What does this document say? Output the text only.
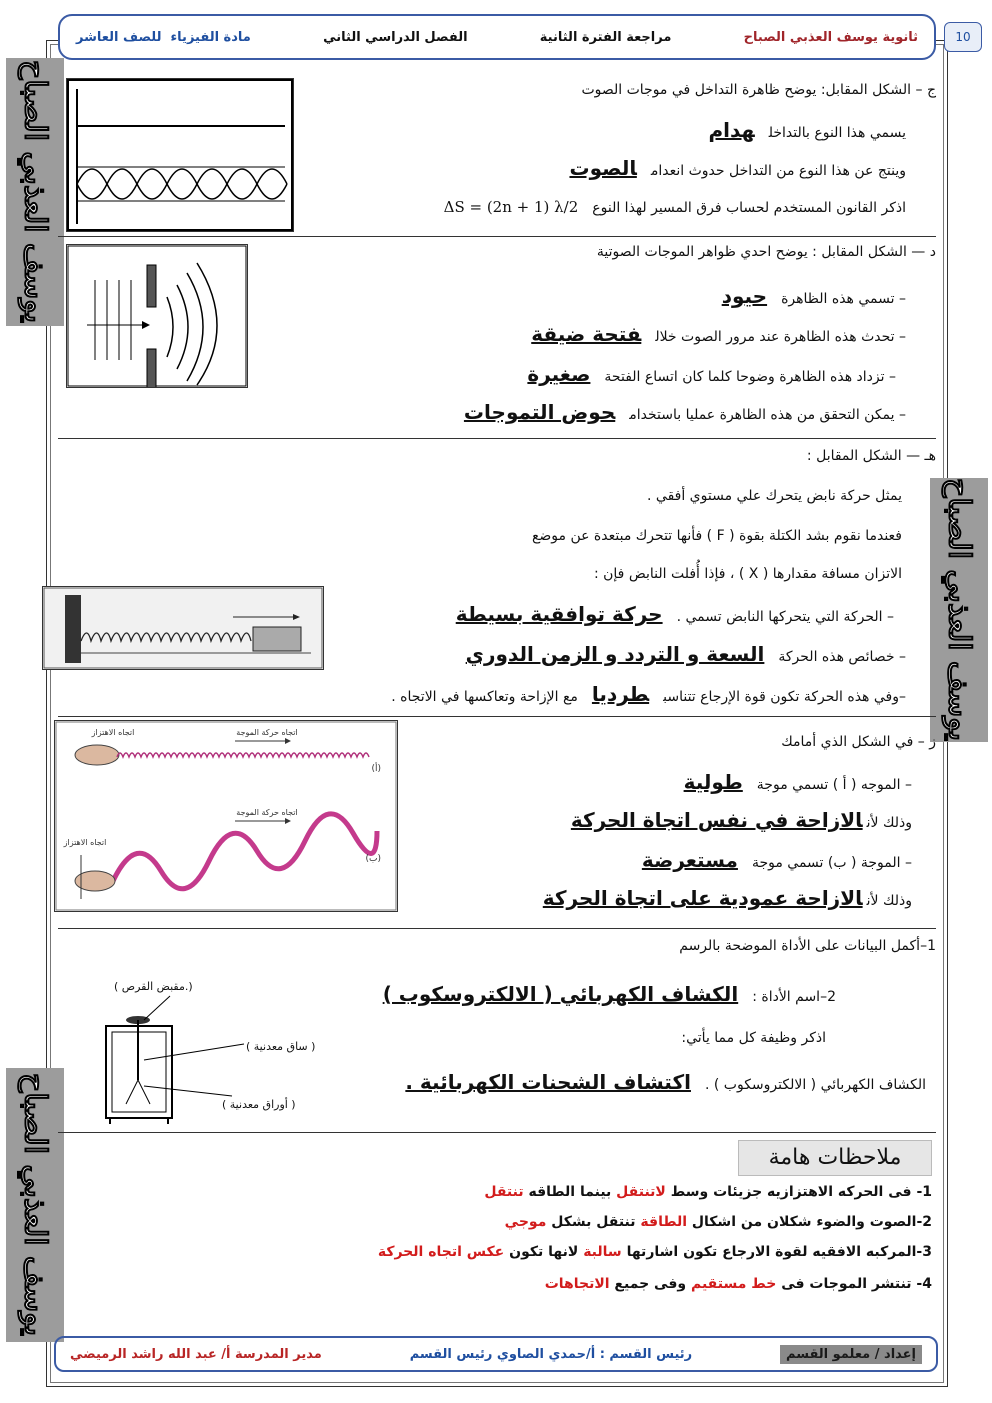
ثانوية يوسف العذبي الصباح
مراجعة الفترة الثانية
الفصل الدراسي الثاني
مادة الفيزياء  للصف العاشر	10
يوسف العذبي الصباح
يوسف العذبي الصباح
يوسف العذبي الصباح
ج – الشكل المقابل: يوضح ظاهرة التداخل في موجات الصوت
يسمي هذا النوع بالتداخلهدام
وينتج عن هذا النوع من التداخل حدوث انعدامالصوت
اذكر القانون المستخدم لحساب فرق المسير لهذا النوعΔS = (2n + 1) λ/2
د — الشكل المقابل : يوضح احدي ظواهر الموجات الصوتية
– تسمي هذه الظاهرةحيود
– تحدث هذه الظاهرة عند مرور الصوت خلالفتحة ضيقة
– تزداد هذه الظاهرة وضوحا كلما كان اتساع الفتحةصغيرة
– يمكن التحقق من هذه الظاهرة عمليا باستخدامحوض التموجات
هـ — الشكل المقابل :
يمثل حركة نابض يتحرك علي مستوي أفقي .
فعندما نقوم بشد الكتلة بقوة ( F ) فأنها تتحرك مبتعدة عن موضع
الاتزان مسافة مقدارها ( X ) ، فإذا أُفلت النابض فإن :
– الحركة التي يتحركها النابض تسمي .حركة توافقية بسيطة
– خصائص هذه الحركةالسعة و التردد و الزمن الدوري
–وفي هذه الحركة تكون قوة الإرجاع تتناسبطرديامع الإزاحة وتعاكسها في الاتجاه .
ز – في الشكل الذي أمامك
– الموجه ( أ ) تسمي موجةطولية
وذلك لأنالازاحة في نفس اتجاة الحركة
– الموجة ( ب) تسمي موجةمستعرضة
وذلك لأنالازاحة عمودية على اتجاة الحركة
اتجاه حركة الموجة
اتجاه الاهتزاز
(أ)
اتجاه حركة الموجة
اتجاه الاهتزاز
(ب)
1–أكمل البيانات على الأداة الموضحة بالرسم
2–اسم الأداة :الكشاف الكهربائي ( الالكتروسكوب )
اذكر وظيفة كل مما يأتي:
الكشاف الكهربائي ( الالكتروسكوب ) .اكتشاف الشحنات الكهربائية .
(.مقبض القرص )
( ساق معدنية )
( أوراق معدنية )
ملاحظات هامة
1- فى الحركه الاهتزازيه جزيئات وسط لاتنتقل بينما الطاقه تنتقل
2-الصوت والضوء شكلان من اشكال الطاقة تنتقل بشكل موجي
3-المركبه الافقيه لقوة الارجاع تكون اشارتها سالبة لانها تكون عكس اتجاه الحركة
4- تنتشر الموجات فى خط مستقيم وفى جميع الاتجاهات
إعداد / معلمو القسم
رئيس القسم : أ/حمدي الصاوي رئيس القسم
مدير المدرسة أ/ عبد الله راشد الرميضي
